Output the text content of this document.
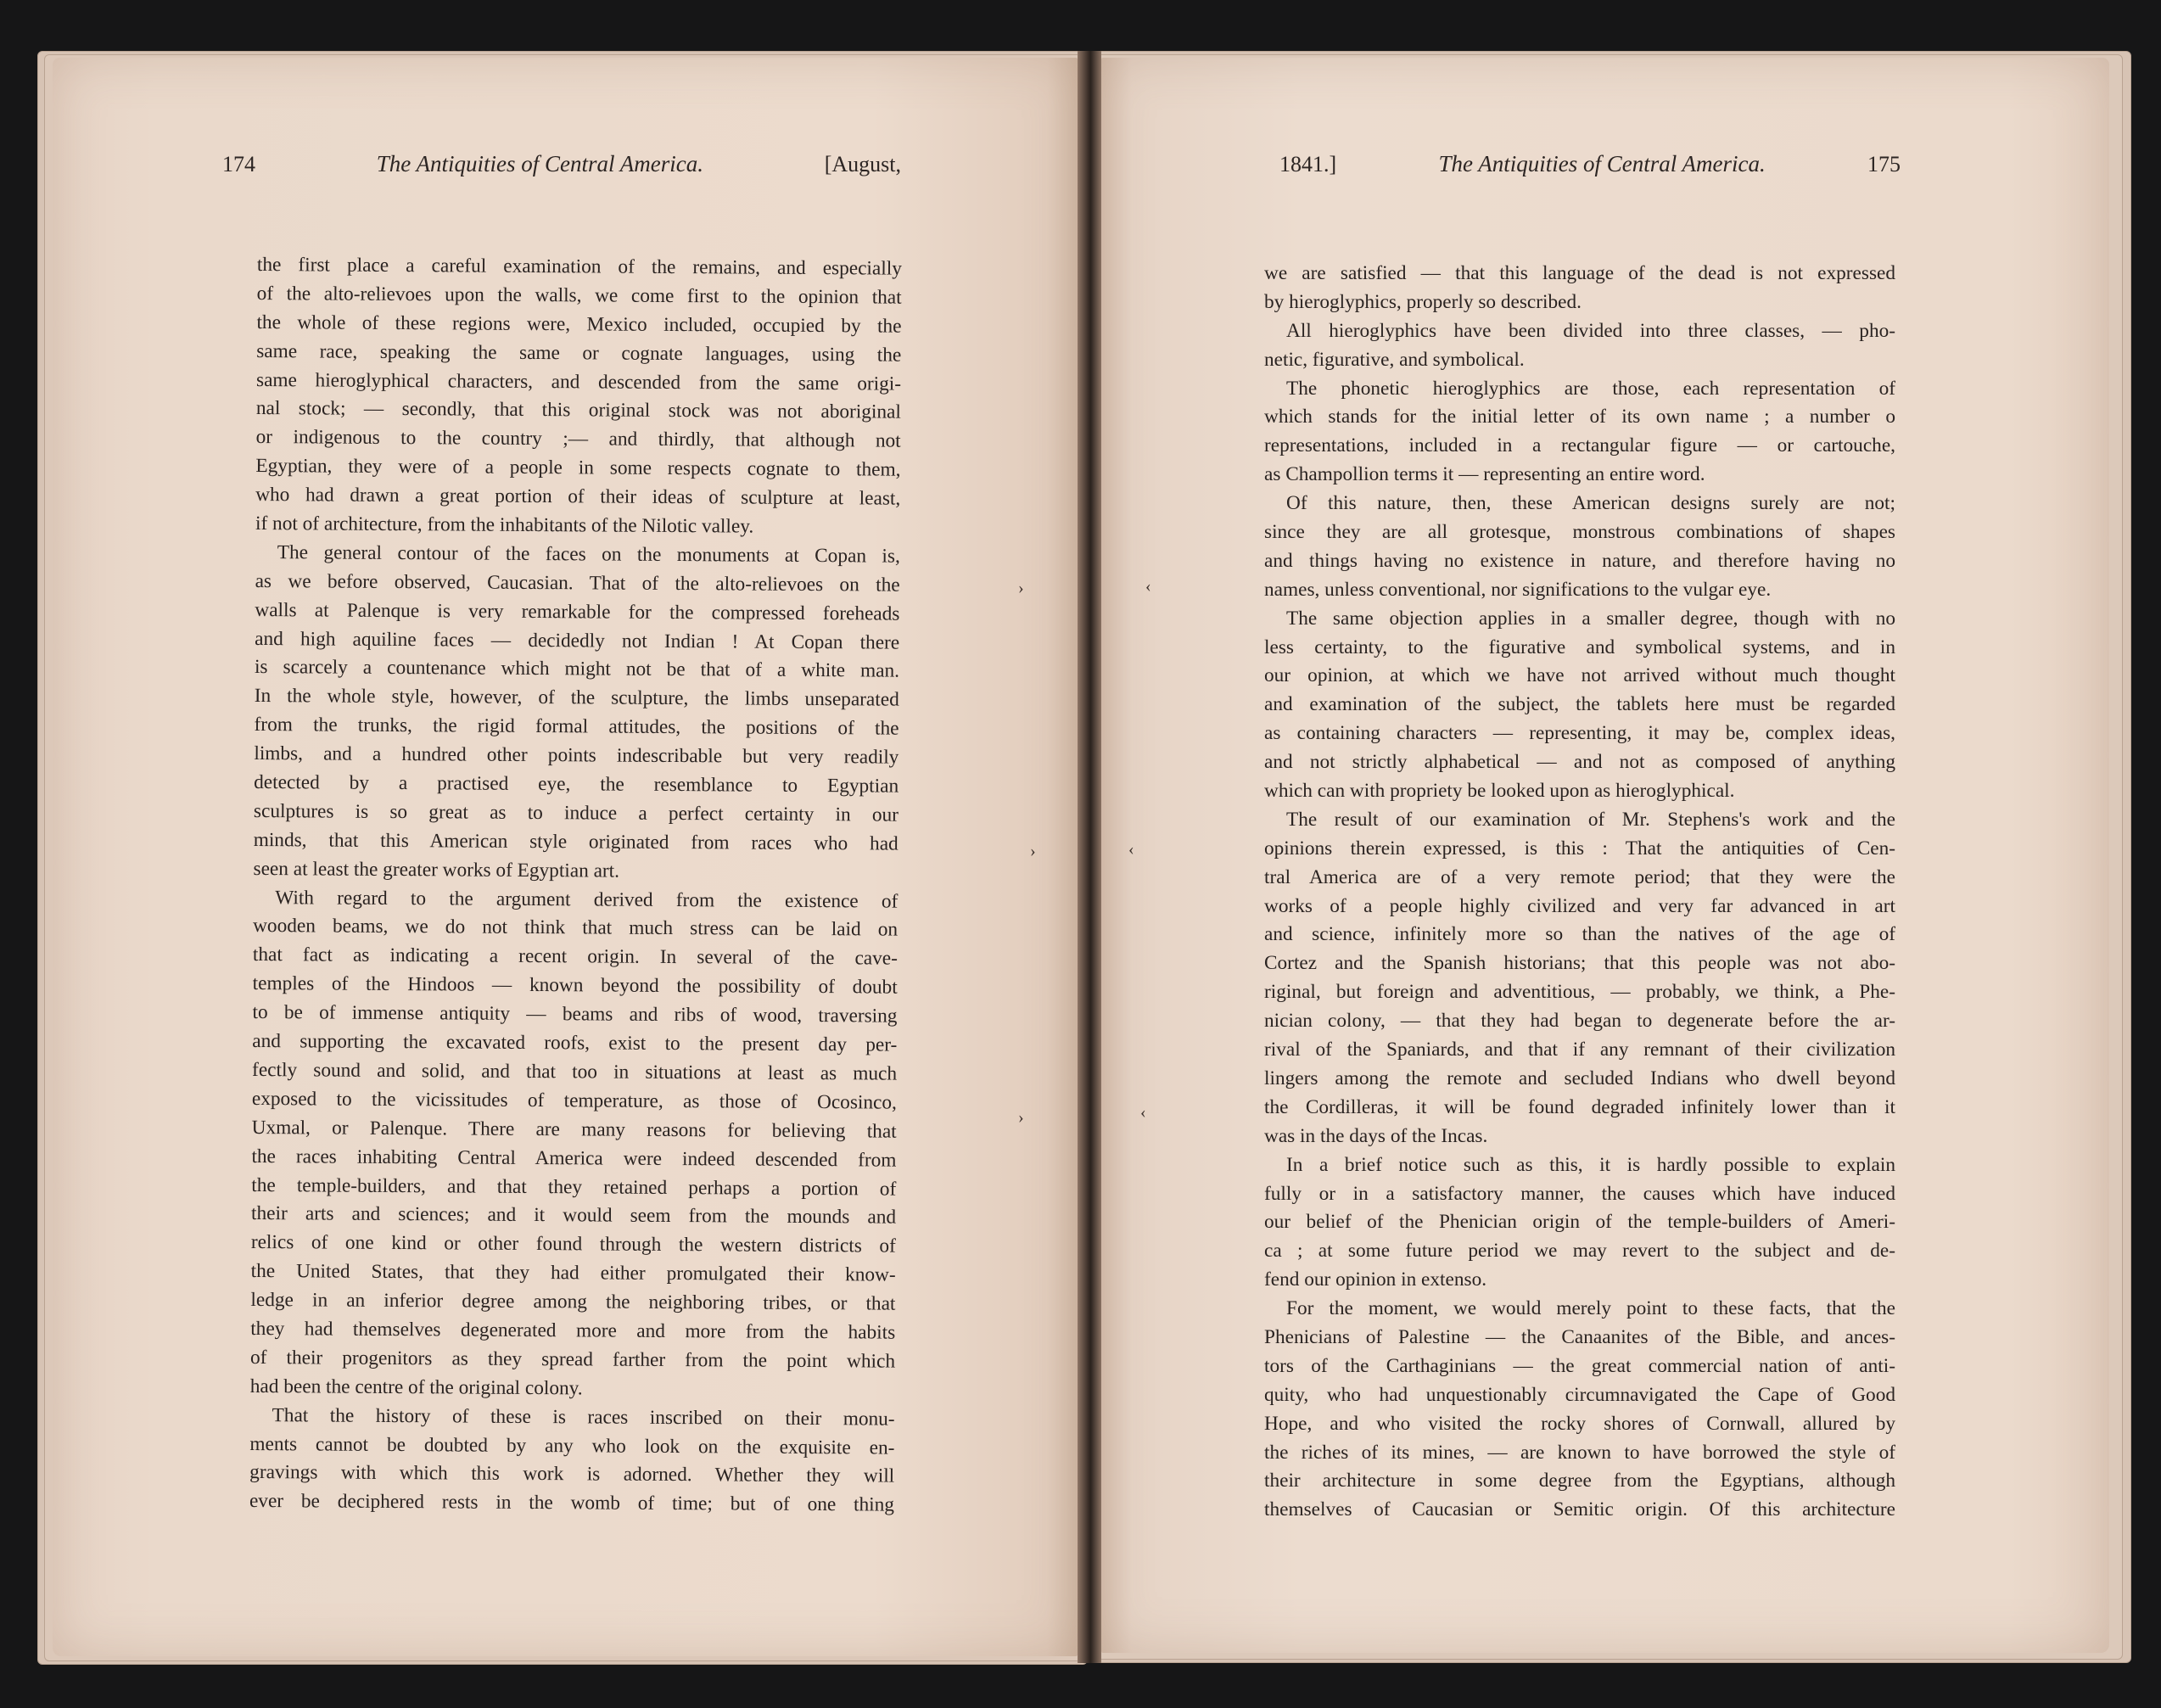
174	The Antiquities of Central America.	[August,
the first place a careful examination of the remains, and especially
of the alto-relievoes upon the walls, we come first to the opinion that
the whole of these regions were, Mexico included, occupied by the
same race, speaking the same or cognate languages, using the
same hieroglyphical characters, and descended from the same origi-
nal stock; — secondly, that this original stock was not aboriginal
or indigenous to the country ;— and thirdly, that although not
Egyptian, they were of a people in some respects cognate to them,
who had drawn a great portion of their ideas of sculpture at least,
if not of architecture, from the inhabitants of the Nilotic valley.
The general contour of the faces on the monuments at Copan is,
as we before observed, Caucasian. That of the alto-relievoes on the
walls at Palenque is very remarkable for the compressed foreheads
and high aquiline faces — decidedly not Indian ! At Copan there
is scarcely a countenance which might not be that of a white man.
In the whole style, however, of the sculpture, the limbs unseparated
from the trunks, the rigid formal attitudes, the positions of the
limbs, and a hundred other points indescribable but very readily
detected by a practised eye, the resemblance to Egyptian
sculptures is so great as to induce a perfect certainty in our
minds, that this American style originated from races who had
seen at least the greater works of Egyptian art.
With regard to the argument derived from the existence of
wooden beams, we do not think that much stress can be laid on
that fact as indicating a recent origin. In several of the cave-
temples of the Hindoos — known beyond the possibility of doubt
to be of immense antiquity — beams and ribs of wood, traversing
and supporting the excavated roofs, exist to the present day per-
fectly sound and solid, and that too in situations at least as much
exposed to the vicissitudes of temperature, as those of Ocosinco,
Uxmal, or Palenque. There are many reasons for believing that
the races inhabiting Central America were indeed descended from
the temple-builders, and that they retained perhaps a portion of
their arts and sciences; and it would seem from the mounds and
relics of one kind or other found through the western districts of
the United States, that they had either promulgated their know-
ledge in an inferior degree among the neighboring tribes, or that
they had themselves degenerated more and more from the habits
of their progenitors as they spread farther from the point which
had been the centre of the original colony.
That the history of these is races inscribed on their monu-
ments cannot be doubted by any who look on the exquisite en-
gravings with which this work is adorned. Whether they will
ever be deciphered rests in the womb of time; but of one thing
1841.]	The Antiquities of Central America.	175
we are satisfied — that this language of the dead is not expressed
by hieroglyphics, properly so described.
All hieroglyphics have been divided into three classes, — pho-
netic, figurative, and symbolical.
The phonetic hieroglyphics are those, each representation of
which stands for the initial letter of its own name ; a number o
representations, included in a rectangular figure — or cartouche,
as Champollion terms it — representing an entire word.
Of this nature, then, these American designs surely are not;
since they are all grotesque, monstrous combinations of shapes
and things having no existence in nature, and therefore having no
names, unless conventional, nor significations to the vulgar eye.
The same objection applies in a smaller degree, though with no
less certainty, to the figurative and symbolical systems, and in
our opinion, at which we have not arrived without much thought
and examination of the subject, the tablets here must be regarded
as containing characters — representing, it may be, complex ideas,
and not strictly alphabetical — and not as composed of anything
which can with propriety be looked upon as hieroglyphical.
The result of our examination of Mr. Stephens's work and the
opinions therein expressed, is this : That the antiquities of Cen-
tral America are of a very remote period; that they were the
works of a people highly civilized and very far advanced in art
and science, infinitely more so than the natives of the age of
Cortez and the Spanish historians; that this people was not abo-
riginal, but foreign and adventitious, — probably, we think, a Phe-
nician colony, — that they had began to degenerate before the ar-
rival of the Spaniards, and that if any remnant of their civilization
lingers among the remote and secluded Indians who dwell beyond
the Cordilleras, it will be found degraded infinitely lower than it
was in the days of the Incas.
In a brief notice such as this, it is hardly possible to explain
fully or in a satisfactory manner, the causes which have induced
our belief of the Phenician origin of the temple-builders of Ameri-
ca ; at some future period we may revert to the subject and de-
fend our opinion in extenso.
For the moment, we would merely point to these facts, that the
Phenicians of Palestine — the Canaanites of the Bible, and ances-
tors of the Carthaginians — the great commercial nation of anti-
quity, who had unquestionably circumnavigated the Cape of Good
Hope, and who visited the rocky shores of Cornwall, allured by
the riches of its mines, — are known to have borrowed the style of
their architecture in some degree from the Egyptians, although
themselves of Caucasian or Semitic origin. Of this architecture
›	‹
›	‹
›	‹
